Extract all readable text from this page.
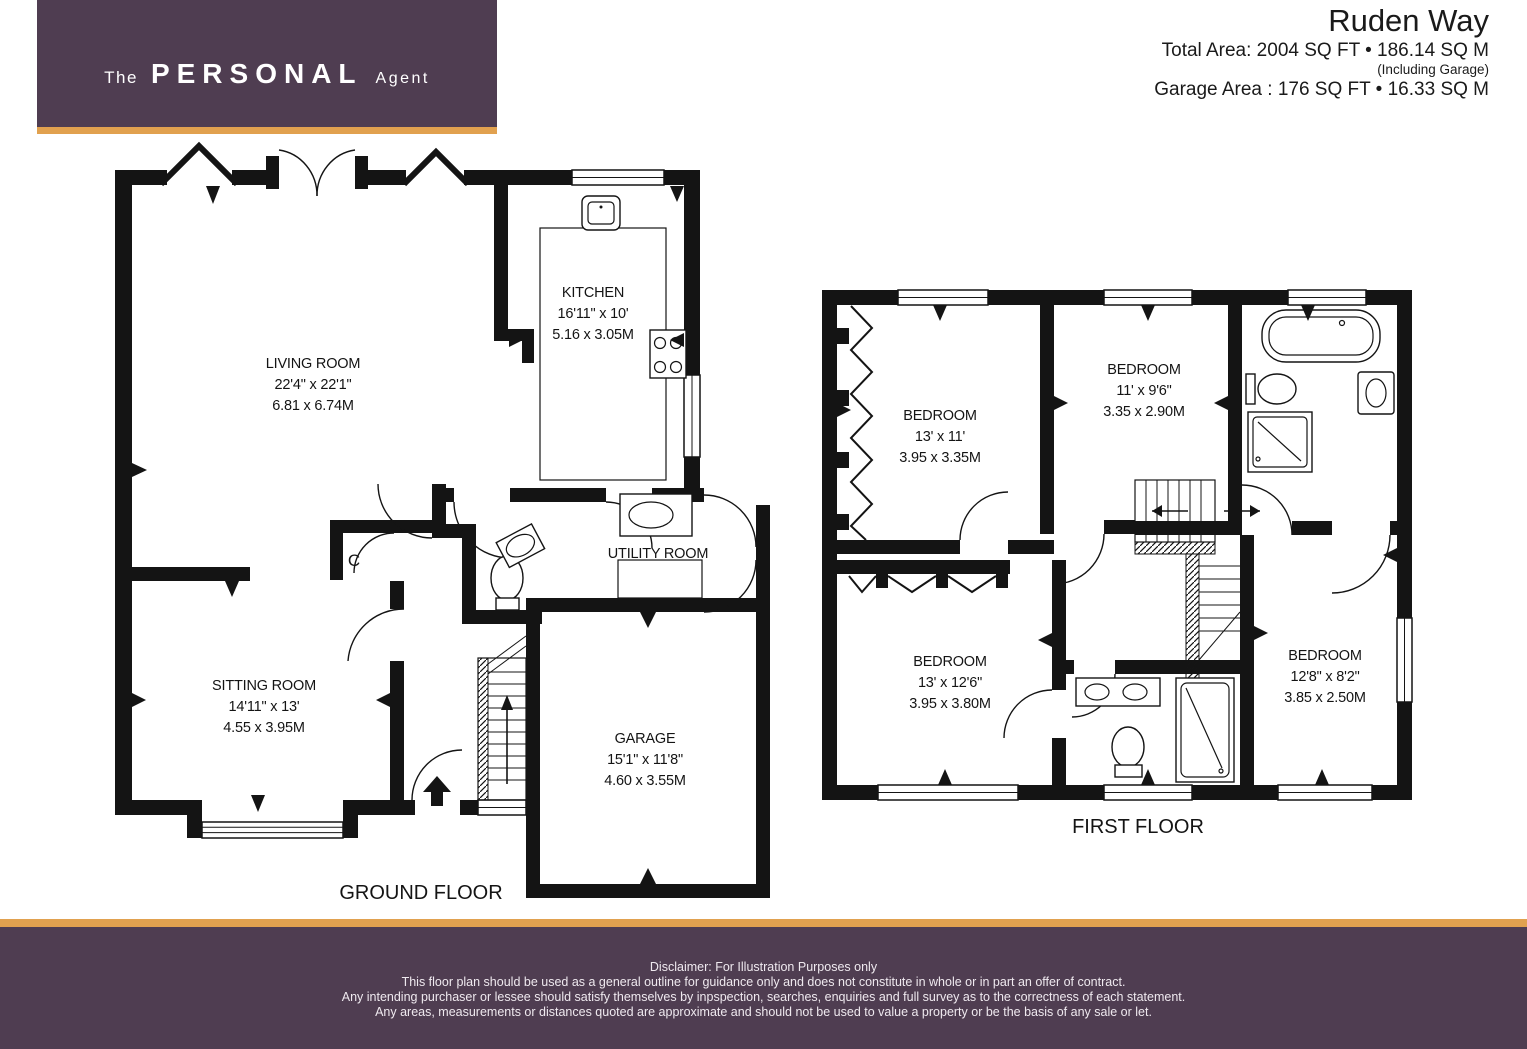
The PERSONAL Agent
Ruden Way
Total Area: 2004 SQ FT • 186.14 SQ M
(Including Garage)
Garage Area : 176 SQ FT • 16.33 SQ M
LIVING ROOM
22'4" x 22'1"
6.81 x 6.74M
KITCHEN
16'11" x 10'
5.16 x 3.05M
SITTING ROOM
14'11" x 13'
4.55 x 3.95M
UTILITY ROOM
GARAGE
15'1" x 11'8"
4.60 x 3.55M
C
GROUND FLOOR
BEDROOM
13' x 11'
3.95 x 3.35M
BEDROOM
11' x 9'6"
3.35 x 2.90M
BEDROOM
13' x 12'6"
3.95 x 3.80M
BEDROOM
12'8" x 8'2"
3.85 x 2.50M
FIRST FLOOR

Disclaimer: For Illustration Purposes only

This floor plan should be used as a general outline for guidance only and does not constitute in whole or in part an offer of contract.

Any intending purchaser or lessee should satisfy themselves by inpspection, searches, enquiries and full survey as to the correctness of each statement.

Any areas, measurements or distances quoted are approximate and should not be used to value a property or be the basis of any sale or let.
